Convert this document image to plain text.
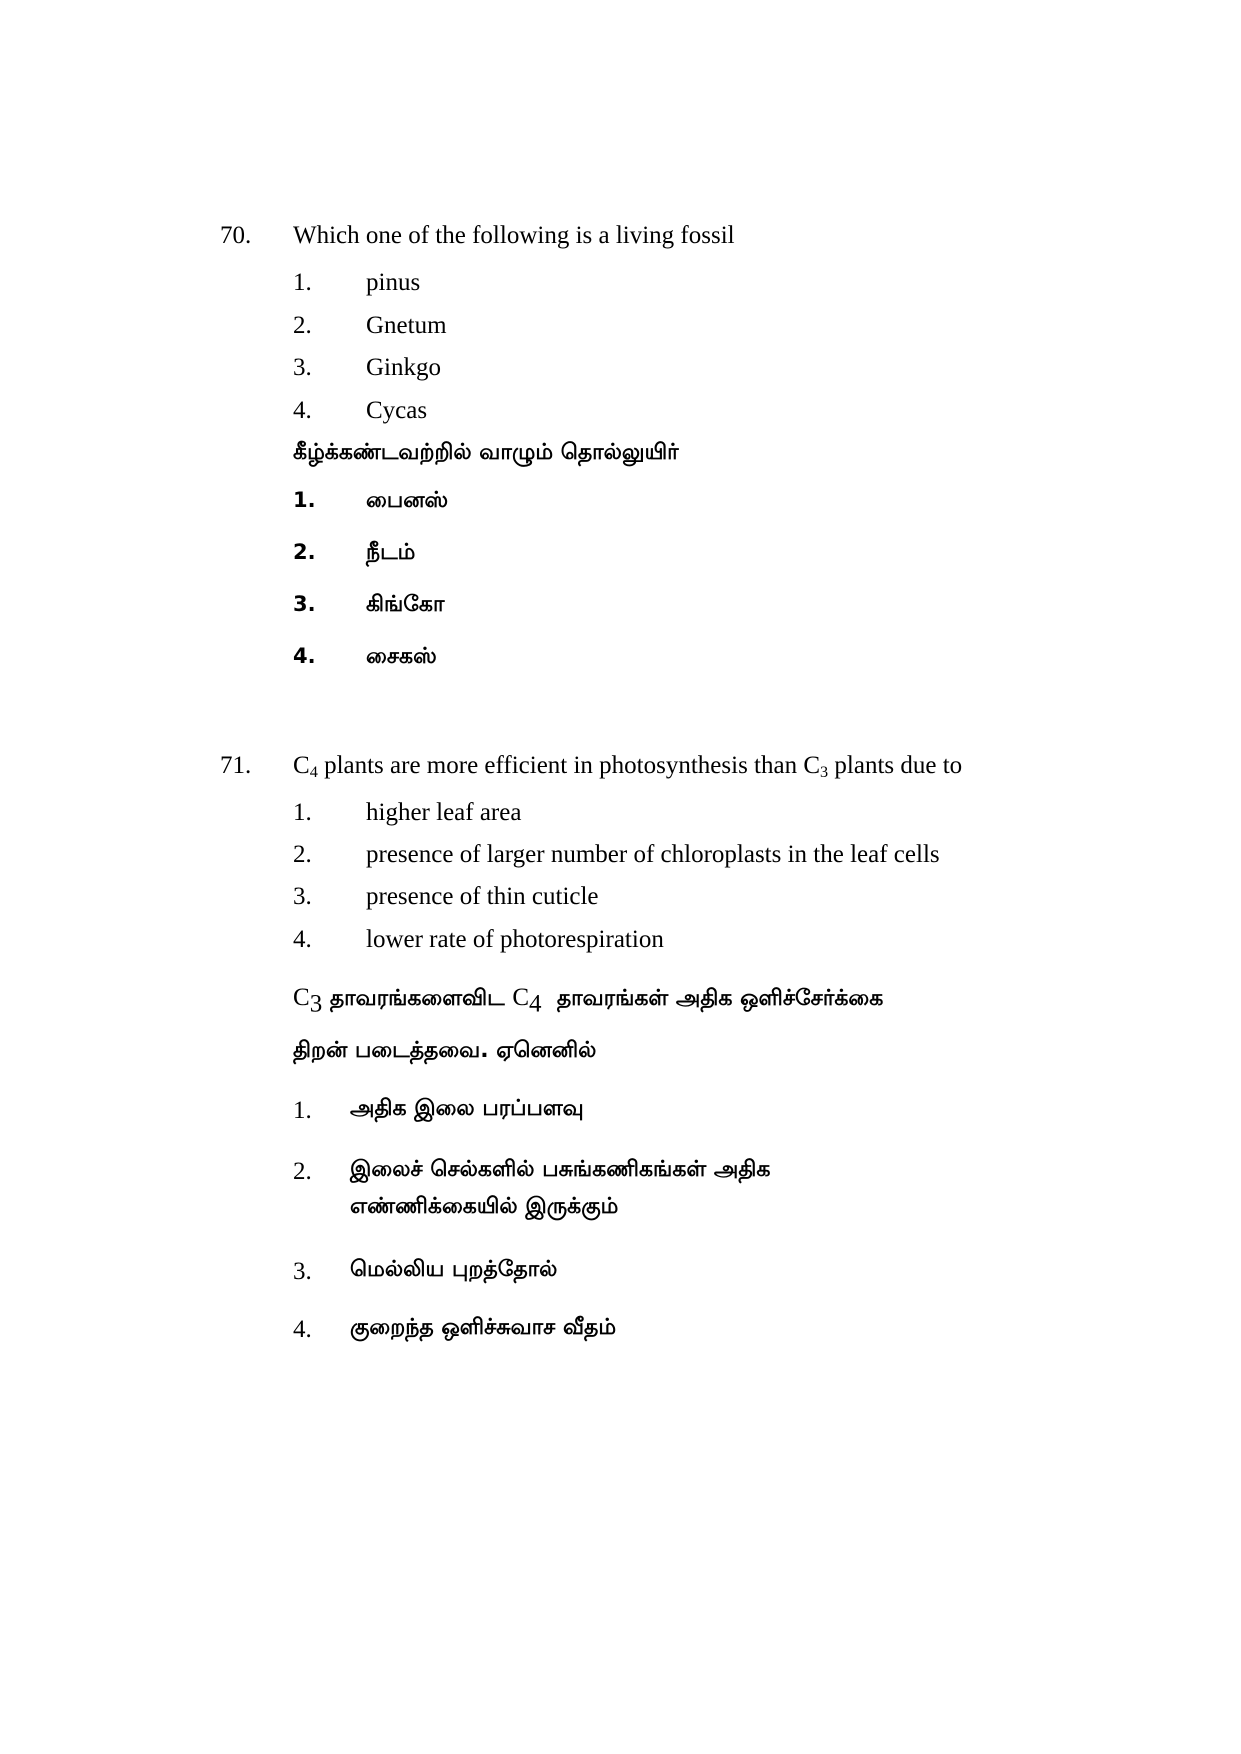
70. Which one of the following is a living fossil
1. pinus
2. Gnetum
3. Ginkgo
4. Cycas
கீழ்க்கண்டவற்றில் வாழும் தொல்லுயிர்
1. பைனஸ்
2. நீடம்
3. கிங்கோ
4. சைகஸ்
71. $C_4$ plants are more efficient in photosynthesis than $C_3$ plants due to
1. higher leaf area
2. presence of larger number of chloroplasts in the leaf cells
3. presence of thin cuticle
4. lower rate of photorespiration
$C_3$ தாவரங்களைவிட $C_4$  தாவரங்கள் அதிக ஒளிச்சேர்க்கை
திறன் படைத்தவை. ஏனெனில்
1. அதிக இலை பரப்பளவு
2. இலைச் செல்களில் பசுங்கணிகங்கள் அதிக
எண்ணிக்கையில் இருக்கும்
3. மெல்லிய புறத்தோல்
4. குறைந்த ஒளிச்சுவாச வீதம்
